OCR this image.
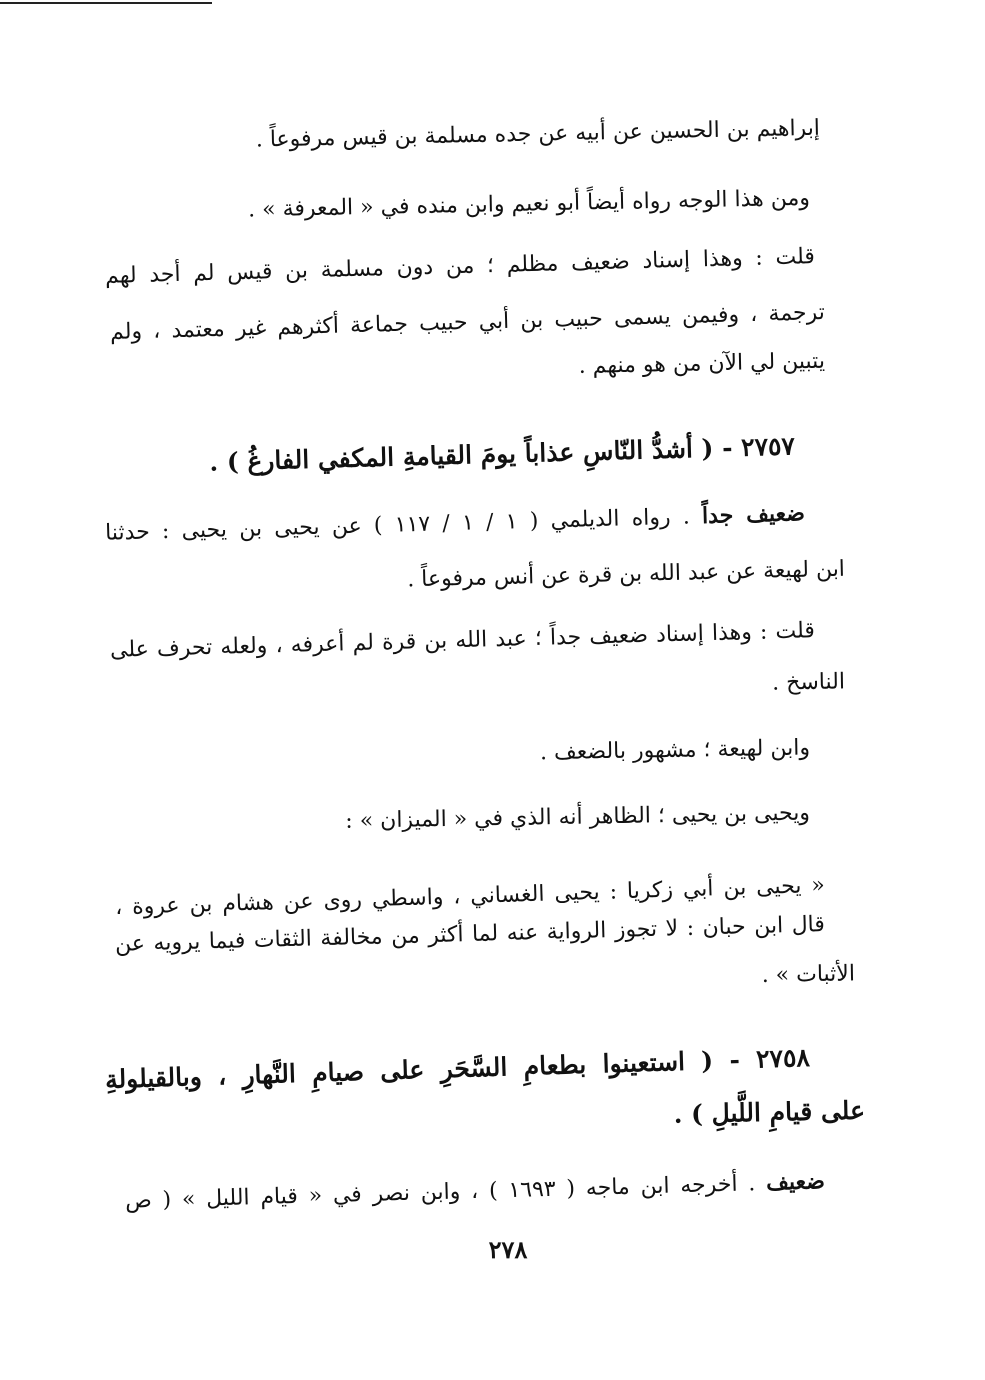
إبراهيم بن الحسين عن أبيه عن جده مسلمة بن قيس مرفوعاً .
ومن هذا الوجه رواه أيضاً أبو نعيم وابن منده في « المعرفة » .
قلت : وهذا إسناد ضعيف مظلم ؛ من دون مسلمة بن قيس لم أجد لهم
ترجمة ، وفيمن يسمى حبيب بن أبي حبيب جماعة أكثرهم غير معتمد ، ولم
يتبين لي الآن من هو منهم .
٢٧٥٧ - ( أشدُّ النّاسِ عذاباً يومَ القيامةِ المكفي الفارغُ ) .
ضعيف جداً . رواه الديلمي ( ١ / ١ / ١١٧ ) عن يحيى بن يحيى : حدثنا
ابن لهيعة عن عبد الله بن قرة عن أنس مرفوعاً .
قلت : وهذا إسناد ضعيف جداً ؛ عبد الله بن قرة لم أعرفه ، ولعله تحرف على
الناسخ .
وابن لهيعة ؛ مشهور بالضعف .
ويحيى بن يحيى ؛ الظاهر أنه الذي في « الميزان » :
« يحيى بن أبي زكريا : يحيى الغساني ، واسطي روى عن هشام بن عروة ،
قال ابن حبان : لا تجوز الرواية عنه لما أكثر من مخالفة الثقات فيما يرويه عن
الأثبات » .
٢٧٥٨ - ( استعينوا بطعامِ السَّحَرِ على صيامِ النَّهارِ ، وبالقيلولةِ
على قيامِ اللَّيلِ ) .
ضعيف . أخرجه ابن ماجه ( ١٦٩٣ ) ، وابن نصر في « قيام الليل » ( ص
٢٧٨
